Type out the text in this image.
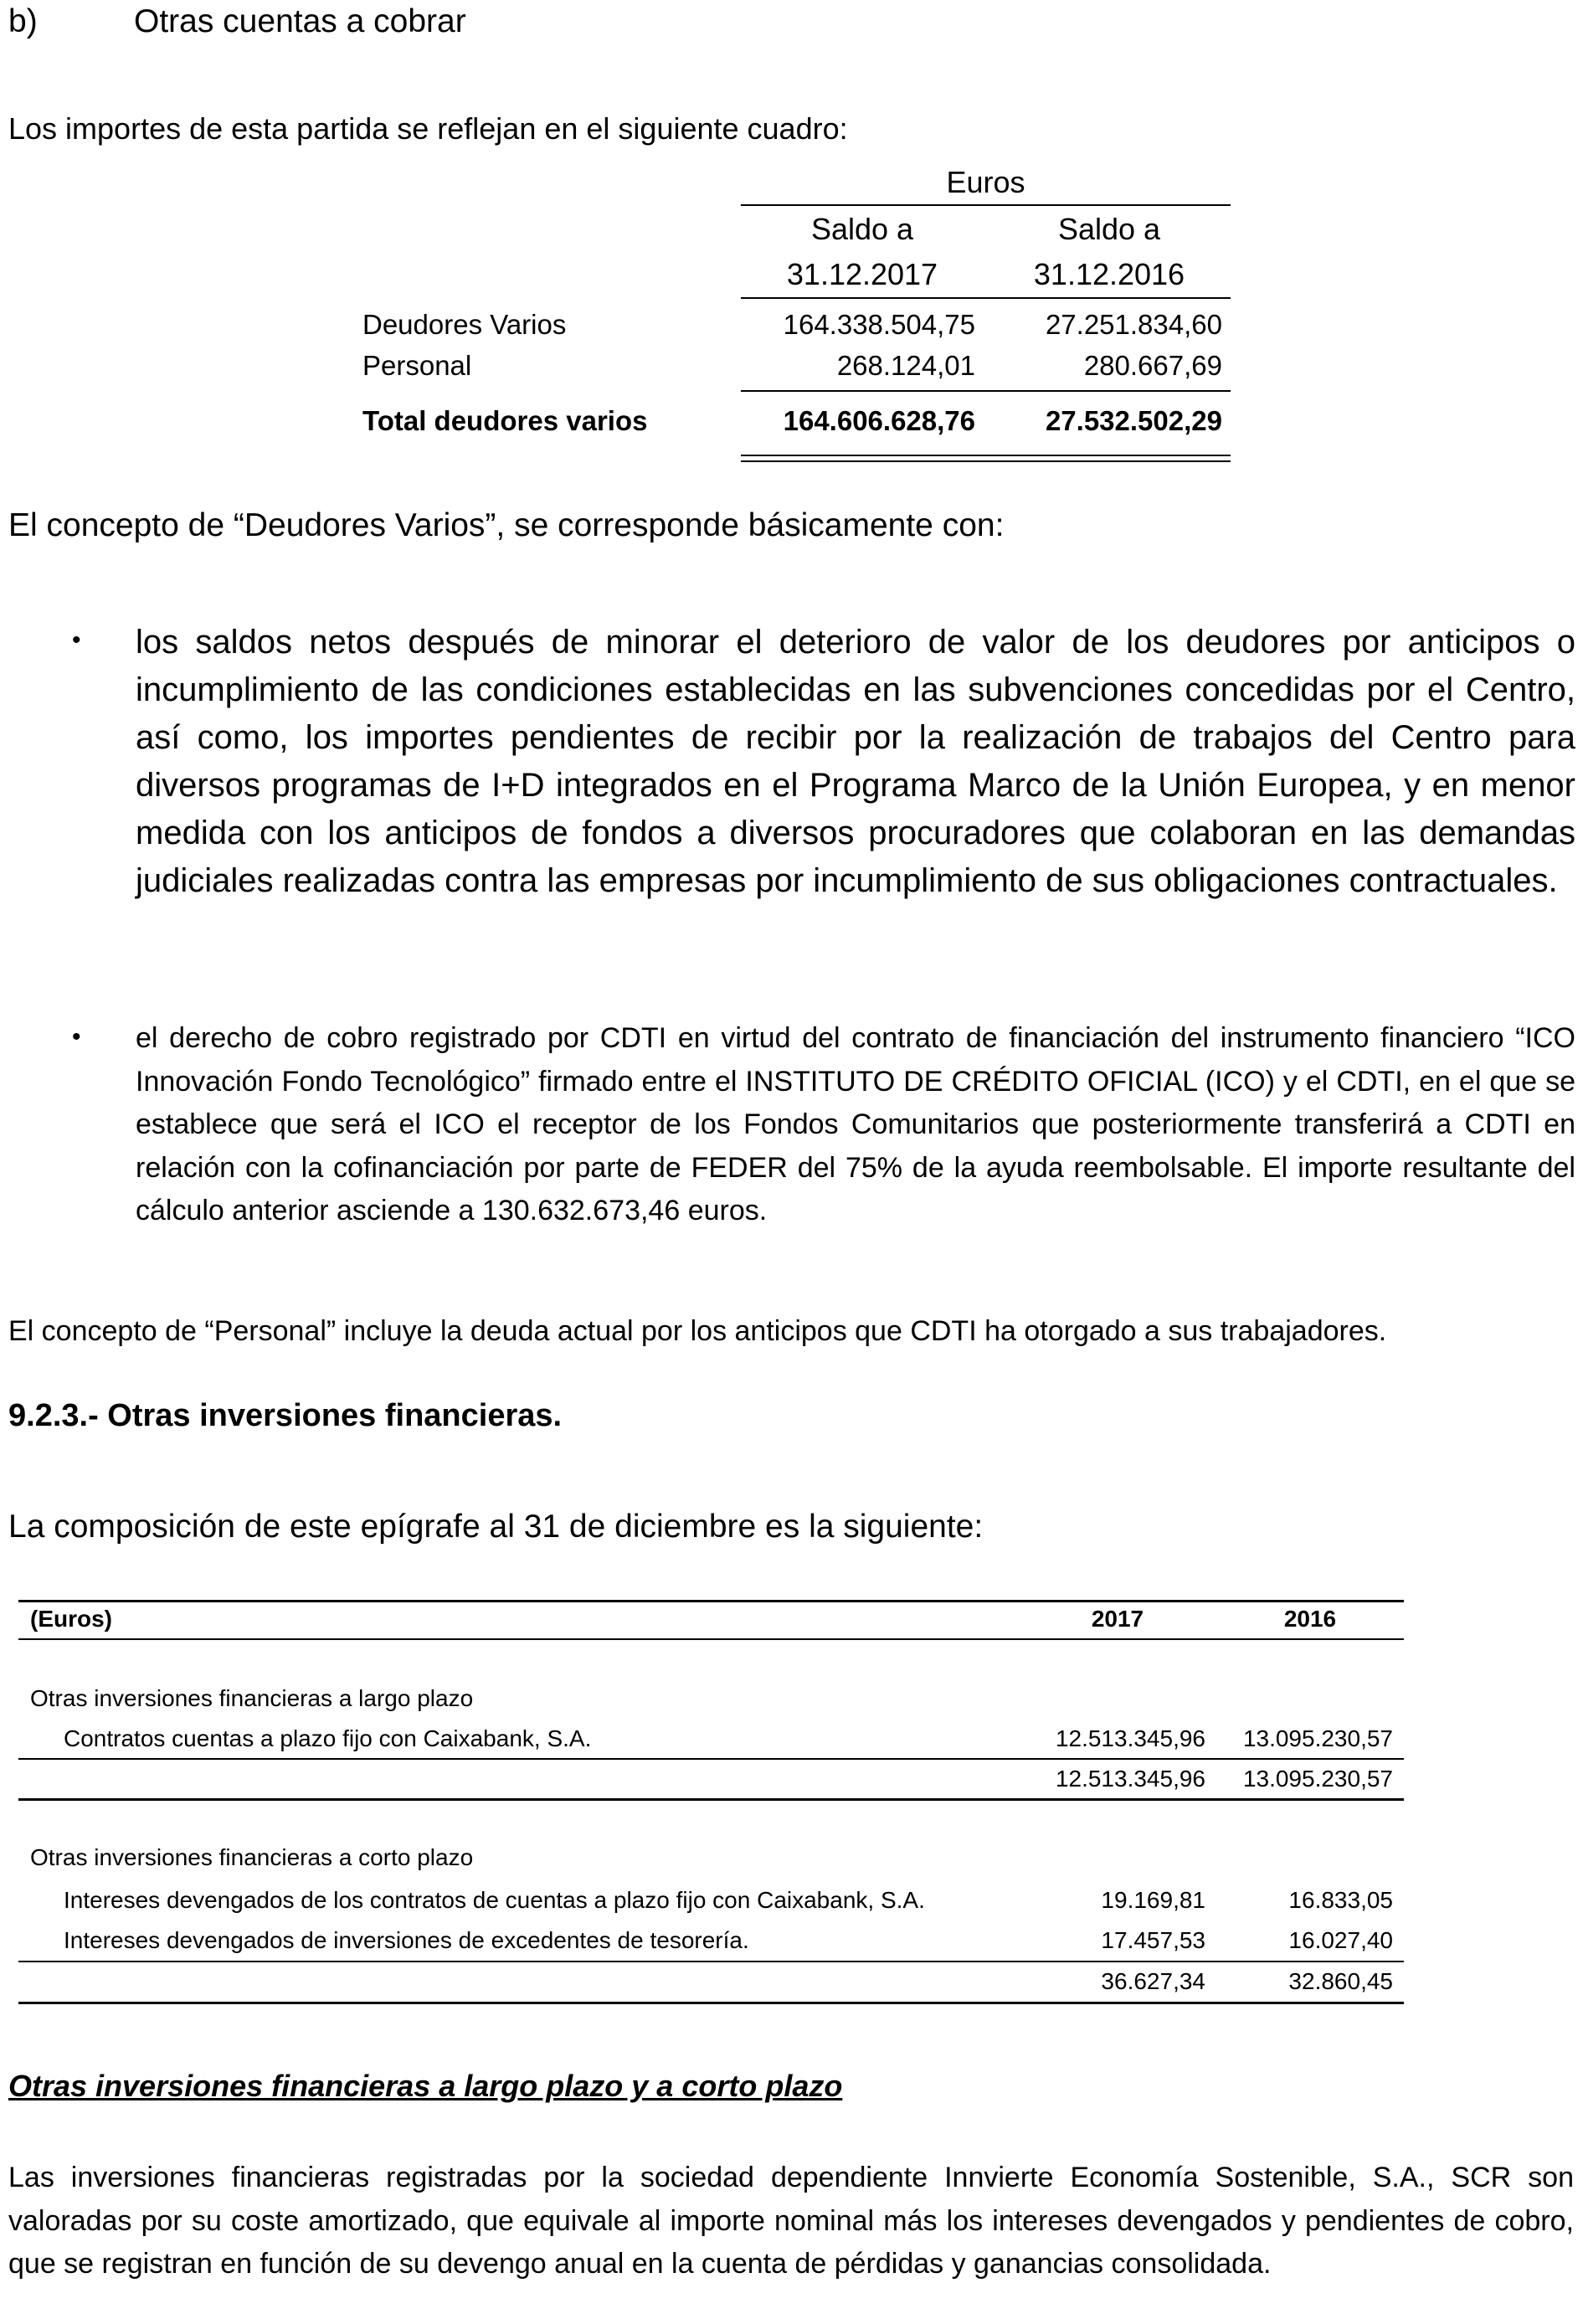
b)	Otras cuentas a cobrar
Los importes de esta partida se reflejan en el siguiente cuadro:
Euros
Saldo a
31.12.2017
Saldo a
31.12.2016
Deudores Varios	164.338.504,75	27.251.834,60
Personal	268.124,01	280.667,69
Total deudores varios	164.606.628,76	27.532.502,29
El concepto de “Deudores Varios”, se corresponde básicamente con:
• los saldos netos después de minorar el deterioro de valor de los deudores por anticipos o incumplimiento de las condiciones establecidas en las subvenciones concedidas por el Centro, así como, los importes pendientes de recibir por la realización de trabajos del Centro para diversos programas de I+D integrados en el Programa Marco de la Unión Europea, y en menor medida con los anticipos de fondos a diversos procuradores que colaboran en las demandas judiciales realizadas contra las empresas por incumplimiento de sus obligaciones contractuales.
• el derecho de cobro registrado por CDTI en virtud del contrato de financiación del instrumento financiero “ICO Innovación Fondo Tecnológico” firmado entre el INSTITUTO DE CRÉDITO OFICIAL (ICO) y el CDTI, en el que se establece que será el ICO el receptor de los Fondos Comunitarios que posteriormente transferirá a CDTI en relación con la cofinanciación por parte de FEDER del 75% de la ayuda reembolsable. El importe resultante del cálculo anterior asciende a 130.632.673,46 euros.
El concepto de “Personal” incluye la deuda actual por los anticipos que CDTI ha otorgado a sus trabajadores.
9.2.3.- Otras inversiones financieras.
La composición de este epígrafe al 31 de diciembre es la siguiente:
(Euros)	2017	2016
Otras inversiones financieras a largo plazo
Contratos cuentas a plazo fijo con Caixabank, S.A.	12.513.345,96	13.095.230,57
12.513.345,96	13.095.230,57
Otras inversiones financieras a corto plazo
Intereses devengados de los contratos de cuentas a plazo fijo con Caixabank, S.A.	19.169,81	16.833,05
Intereses devengados de inversiones de excedentes de tesorería.	17.457,53	16.027,40
36.627,34	32.860,45
Otras inversiones financieras a largo plazo y a corto plazo
Las inversiones financieras registradas por la sociedad dependiente Innvierte Economía Sostenible, S.A., SCR son valoradas por su coste amortizado, que equivale al importe nominal más los intereses devengados y pendientes de cobro, que se registran en función de su devengo anual en la cuenta de pérdidas y ganancias consolidada.
